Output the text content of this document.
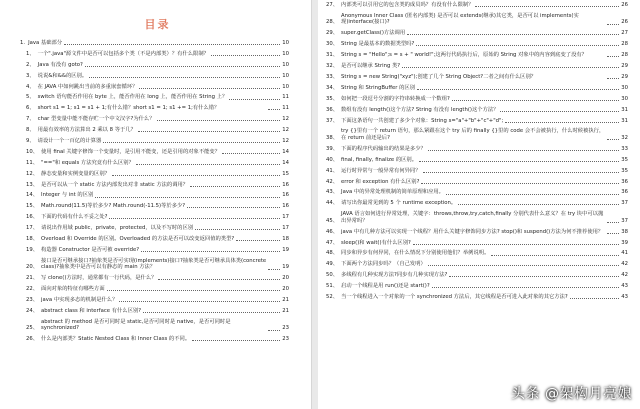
目录
1. Java 基础部分	10
1、 一个".java"源文件中是否可以包括多个类（不是内部类）？有什么限制？	10
2、 Java 有没有 goto?	10
3、 说说&和&&的区别。	10
4、 在 JAVA 中如何跳出当前的多重嵌套循环？	10
5、 switch 语句能否作用在 byte 上，能否作用在 long 上，能否作用在 String 上？	11
6、 short s1 = 1; s1 = s1 + 1;有什么错？short s1 = 1; s1 += 1;有什么错？	11
7、 char 型变量中能不能存贮一个中文汉字?为什么？	12
8、 用最有效率的方法算出 2 乘以 8 等于几？	12
9、 请设计一个一百亿的计算器	12
10、 使用 final 关键字修饰一个变量时，是引用不能变，还是引用的对象不能变？	14
11、 "=="和 equals 方法究竟有什么区别？	14
12、 静态变量和实例变量的区别？	15
13、 是否可以从一个 static 方法内部发出对非 static 方法的调用？	16
14、 Integer 与 int 的区别	16
15、 Math.round(11.5)等於多少? Math.round(-11.5)等於多少?	16
16、 下面的代码有什么不妥之处?	17
17、 请说出作用域 public，private，protected，以及不写时的区别	17
18、 Overload 和 Override 的区别。Overloaded 的方法是否可以改变返回值的类型?	18
19、 构造器 Constructor 是否可被 override?	19
20、
接口是否可继承接口?抽象类是否可实现(implements)接口?抽象类是否可继承具体类(concrete class)?抽象类中是否可以有静态的 main 方法？	19
21、 写 clone()方法时，通常都有一行代码，是什么？	20
22、 面向对象的特征有哪些方面	20
23、 java 中实现多态的机制是什么？	21
24、 abstract class 和 interface 有什么区别?	21
25、
abstract 的 method 是否可同时是 static,是否可同时是 native，是否可同时是 synchronized?	23
26、 什么是内部类？Static Nested Class 和 Inner Class 的不同。	23
27、 内部类可以引用它的包含类的成员吗？有没有什么限制？	26
28、
Anonymous Inner Class (匿名内部类) 是否可以 extends(继承)其它类，是否可以 implements(实现)interface(接口)?	26
29、 super.getClass()方法调用	27
30、 String 是最基本的数据类型吗?	28
31、 String s = "Hello";s = s + " world!";这两行代码执行后，原始的 String 对象中的内容到底变了没有？	28
32、 是否可以继承 String 类?	29
33、 String s = new String("xyz");创建了几个 String Object?二者之间有什么区别？	29
34、 String 和 StringBuffer 的区别	30
35、 如何把一段逗号分割的字符串转换成一个数组?	30
36、 数组有没有 length()这个方法? String 有没有 length()这个方法？	31
37、 下面这条语句一共创建了多少个对象：String s="a"+"b"+"c"+"d";	31
38、
try {}里有一个 return 语句，那么紧跟在这个 try 后的 finally {}里的 code 会不会被执行，什么时候被执行，在 return 前还是后?	32
39、 下面的程序代码输出的结果是多少？	33
40、 final, finally, finalize 的区别。	35
41、 运行时异常与一般异常有何异同？	35
42、 error 和 exception 有什么区别?	36
43、 Java 中的异常处理机制的简单原理和应用。	36
44、 请写出你最常见到的 5 个 runtime exception。	37
45、
JAVA 语言如何进行异常处理，关键字：throws,throw,try,catch,finally 分别代表什么意义？在 try 块中可以抛出异常吗？	37
46、 java 中有几种方法可以实现一个线程？用什么关键字修饰同步方法? stop()和 suspend()方法为何不推荐使用？	38
47、 sleep()和 wait()有什么区别?	39
48、 同步和异步有何异同，在什么情况下分别使用他们？举例说明。	41
49、 下面两个方法同步吗？（自己发明）	42
50、 多线程有几种实现方法?同步有几种实现方法?	42
51、 启动一个线程是用 run()还是 start()?	43
52、 当一个线程进入一个对象的一个 synchronized 方法后，其它线程是否可进入此对象的其它方法?	43
头条 @架构月亮娘
